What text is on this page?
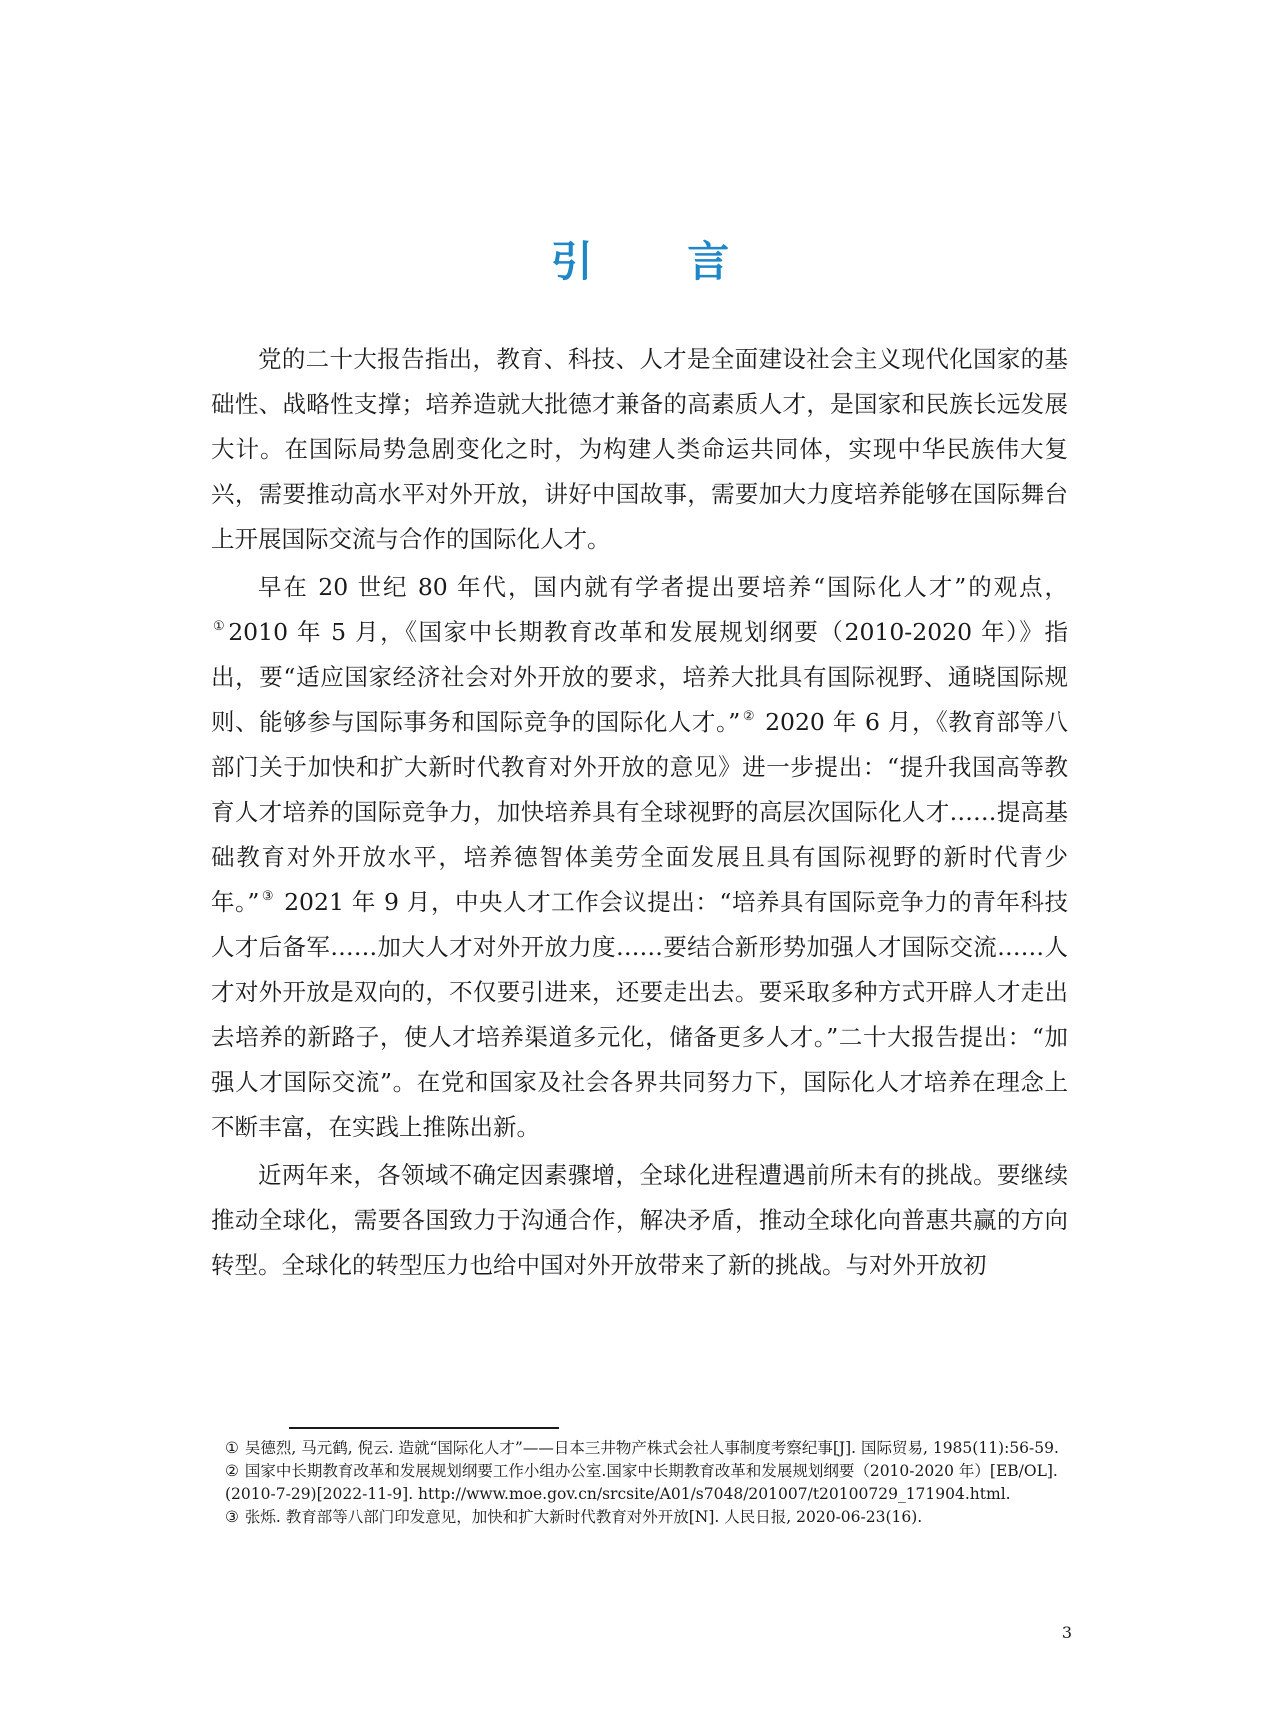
引 言

党的二十大报告指出，教育、科技、人才是全面建设社会主义现代化国家的基础性、战略性支撑；培养造就大批德才兼备的高素质人才，是国家和民族长远发展大计。在国际局势急剧变化之时，为构建人类命运共同体，实现中华民族伟大复兴，需要推动高水平对外开放，讲好中国故事，需要加大力度培养能够在国际舞台上开展国际交流与合作的国际化人才。

早在 20 世纪 80 年代，国内就有学者提出要培养“国际化人才”的观点，①2010 年 5 月，《国家中长期教育改革和发展规划纲要（2010-2020 年）》指出，要“适应国家经济社会对外开放的要求，培养大批具有国际视野、通晓国际规则、能够参与国际事务和国际竞争的国际化人才。” ② 2020 年 6 月，《教育部等八部门关于加快和扩大新时代教育对外开放的意见》进一步提出：“提升我国高等教育人才培养的国际竞争力，加快培养具有全球视野的高层次国际化人才……提高基础教育对外开放水平，培养德智体美劳全面发展且具有国际视野的新时代青少年。” ③ 2021 年 9 月，中央人才工作会议提出：“培养具有国际竞争力的青年科技人才后备军……加大人才对外开放力度……要结合新形势加强人才国际交流……人才对外开放是双向的，不仅要引进来，还要走出去。要采取多种方式开辟人才走出去培养的新路子，使人才培养渠道多元化，储备更多人才。”二十大报告提出：“加强人才国际交流”。在党和国家及社会各界共同努力下，国际化人才培养在理念上不断丰富，在实践上推陈出新。

近两年来，各领域不确定因素骤增，全球化进程遭遇前所未有的挑战。要继续推动全球化，需要各国致力于沟通合作，解决矛盾，推动全球化向普惠共赢的方向转型。全球化的转型压力也给中国对外开放带来了新的挑战。与对外开放初

① 吴德烈, 马元鹤, 倪云. 造就“国际化人才”——日本三井物产株式会社人事制度考察纪事[J]. 国际贸易, 1985(11):56-59.

② 国家中长期教育改革和发展规划纲要工作小组办公室.国家中长期教育改革和发展规划纲要（2010-2020 年）[EB/OL]. (2010-7-29)[2022-11-9]. http://www.moe.gov.cn/srcsite/A01/s7048/201007/t20100729_171904.html.

③ 张烁. 教育部等八部门印发意见，加快和扩大新时代教育对外开放[N]. 人民日报, 2020-06-23(16).

3
